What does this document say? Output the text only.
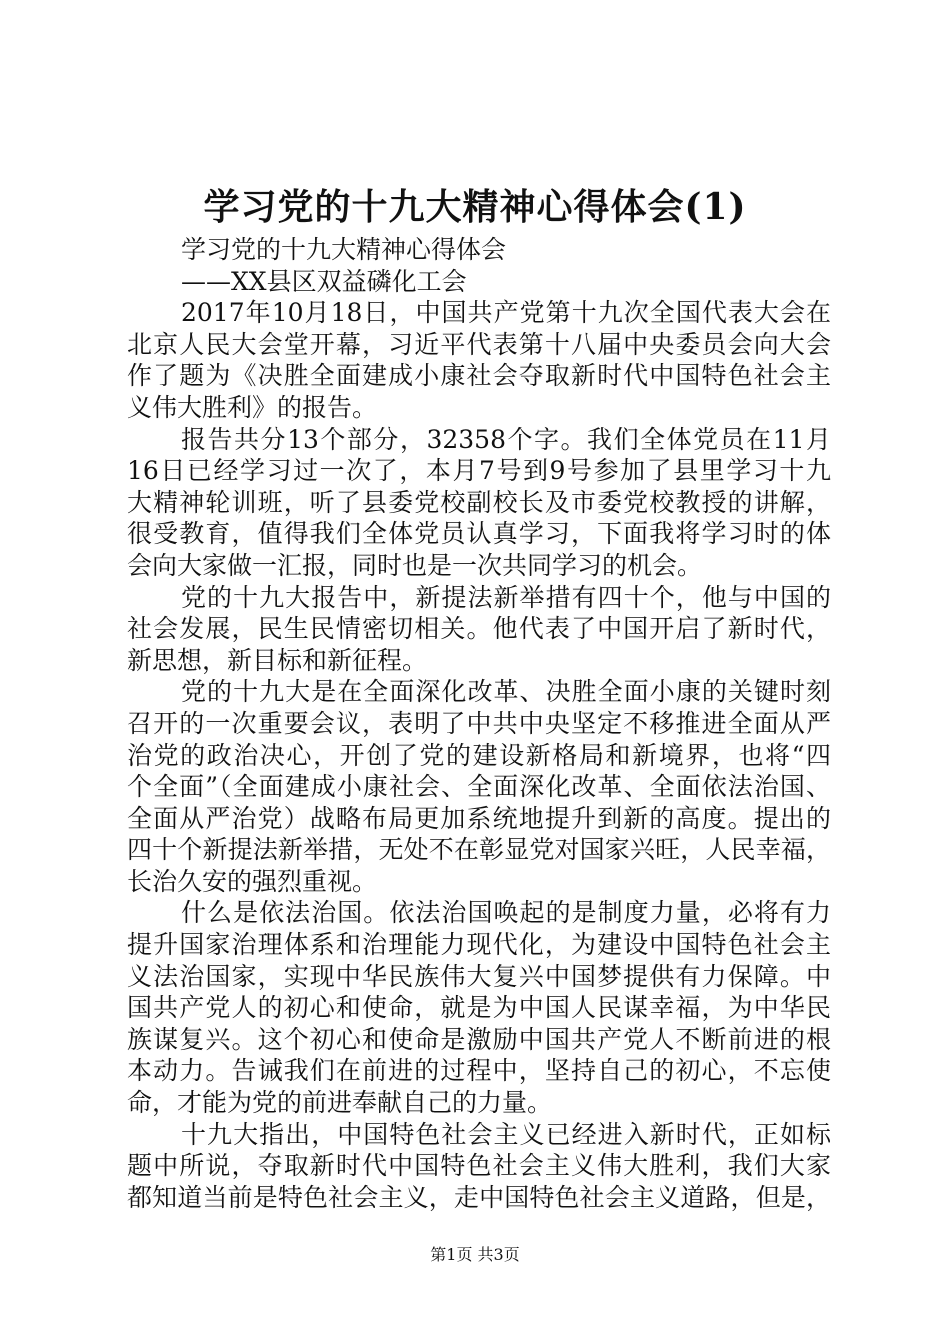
学习党的十九大精神心得体会(1)
学习党的十九大精神心得体会
——XX县区双益磷化工会
2017年10月18日，中国共产党第十九次全国代表大会在
北京人民大会堂开幕，习近平代表第十八届中央委员会向大会
作了题为《决胜全面建成小康社会夺取新时代中国特色社会主
义伟大胜利》的报告。
报告共分13个部分，32358个字。我们全体党员在11月
16日已经学习过一次了，本月7号到9号参加了县里学习十九
大精神轮训班，听了县委党校副校长及市委党校教授的讲解，
很受教育，值得我们全体党员认真学习，下面我将学习时的体
会向大家做一汇报，同时也是一次共同学习的机会。
党的十九大报告中，新提法新举措有四十个，他与中国的
社会发展，民生民情密切相关。他代表了中国开启了新时代，
新思想，新目标和新征程。
党的十九大是在全面深化改革、决胜全面小康的关键时刻
召开的一次重要会议，表明了中共中央坚定不移推进全面从严
治党的政治决心，开创了党的建设新格局和新境界，也将“四
个全面”（全面建成小康社会、全面深化改革、全面依法治国、
全面从严治党）战略布局更加系统地提升到新的高度。提出的
四十个新提法新举措，无处不在彰显党对国家兴旺，人民幸福，
长治久安的强烈重视。
什么是依法治国。依法治国唤起的是制度力量，必将有力
提升国家治理体系和治理能力现代化，为建设中国特色社会主
义法治国家，实现中华民族伟大复兴中国梦提供有力保障。中
国共产党人的初心和使命，就是为中国人民谋幸福，为中华民
族谋复兴。这个初心和使命是激励中国共产党人不断前进的根
本动力。告诫我们在前进的过程中，坚持自己的初心，不忘使
命，才能为党的前进奉献自己的力量。
十九大指出，中国特色社会主义已经进入新时代，正如标
题中所说，夺取新时代中国特色社会主义伟大胜利，我们大家
都知道当前是特色社会主义，走中国特色社会主义道路，但是，
第1页 共3页
